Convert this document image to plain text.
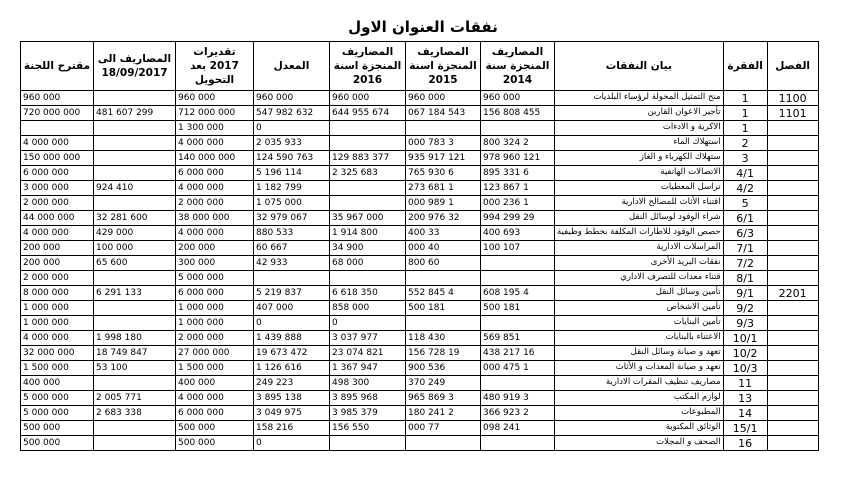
نفقات العنوان الاول
الفصل	الفقرة	بيان النفقات	المصاريف المنجزة سنة 2014	المصاريف المنجزة اسنة 2015	المصاريف المنجزة اسنة 2016	المعدل	تقديرات 2017 بعد التحويل	المصاريف الى 18/09/2017	مقترح اللجنة
1100	1	منح التمثيل المخولة لرؤساء البلديات	960 000	960 000	960 000	960 000	960 000		960 000
1101	1	تأجير الاعوان القارين	156 808 455	067 184 543	644 955 674	547 982 632	712 000 000	481 607 299	720 000 000
	1	الاكرية و الادءات				0	1 300 000		
	2	استهلاك الماء	800 324 2	000 783 3		2 035 933	4 000 000		4 000 000
	3	ستهلاك الكهرباء و الغاز	978 960 121	935 917 121	129 883 377	124 590 763	140 000 000		150 000 000
	4/1	الاتصالات الهاتفية	895 331 6	765 930 6	2 325 683	5 196 114	6 000 000		6 000 000
	4/2	تراسل المعطيات	123 867 1	273 681 1		1 182 799	4 000 000	924 410	3 000 000
	5	اقتناء الأثاث للمصالح الادارية	000 236 1	000 989 1		1 075 000	2 000 000		2 000 000
	6/1	شراء الوقود لوسائل النقل	994 299 29	200 976 32	35 967 000	32 979 067	38 000 000	32 281 600	44 000 000
	6/3	حصص الوقود للاطارات المكلفة بخطط وظيفية	400 693	400 33	1 914 800	880 533	4 000 000	429 000	4 000 000
	7/1	المراسلات الادارية	100 107	000 40	34 900	60 667	200 000	100 000	200 000
	7/2	نفقات البريد الأخرى		800 60	68 000	42 933	300 000	65 600	200 000
	8/1	قتناء معدات للتصرف الاداري					5 000 000		2 000 000
2201	9/1	تأمين وسائل النقل	608 195 4	552 845 4	6 618 350	5 219 837	6 000 000	6 291 133	8 000 000
	9/2	تأمين الاشخاص	500 181	500 181	858 000	407 000	1 000 000		1 000 000
	9/3	تأمين البنايات			0	0	1 000 000		1 000 000
	10/1	الاعتناء بالبنايات	569 851	118 430	3 037 977	1 439 888	2 000 000	1 998 180	4 000 000
	10/2	تعهد و صيانة وسائل النقل	438 217 16	156 728 19	23 074 821	19 673 472	27 000 000	18 749 847	32 000 000
	10/3	تعهد و صيانة المعدات و الأثاث	000 475 1	900 536	1 367 947	1 126 616	1 500 000	53 100	1 500 000
	11	مصاريف تنظيف المقرات الادارية		370 249	498 300	249 223	400 000		400 000
	13	لوازم المكتب	480 919 3	965 869 3	3 895 968	3 895 138	4 000 000	2 005 771	5 000 000
	14	المطبوعات	366 923 2	180 241 2	3 985 379	3 049 975	6 000 000	2 683 338	5 000 000
	15/1	الوثائق المكتوبة	098 241	000 77	156 550	158 216	500 000		500 000
	16	الصحف و المجلات				0	500 000		500 000
